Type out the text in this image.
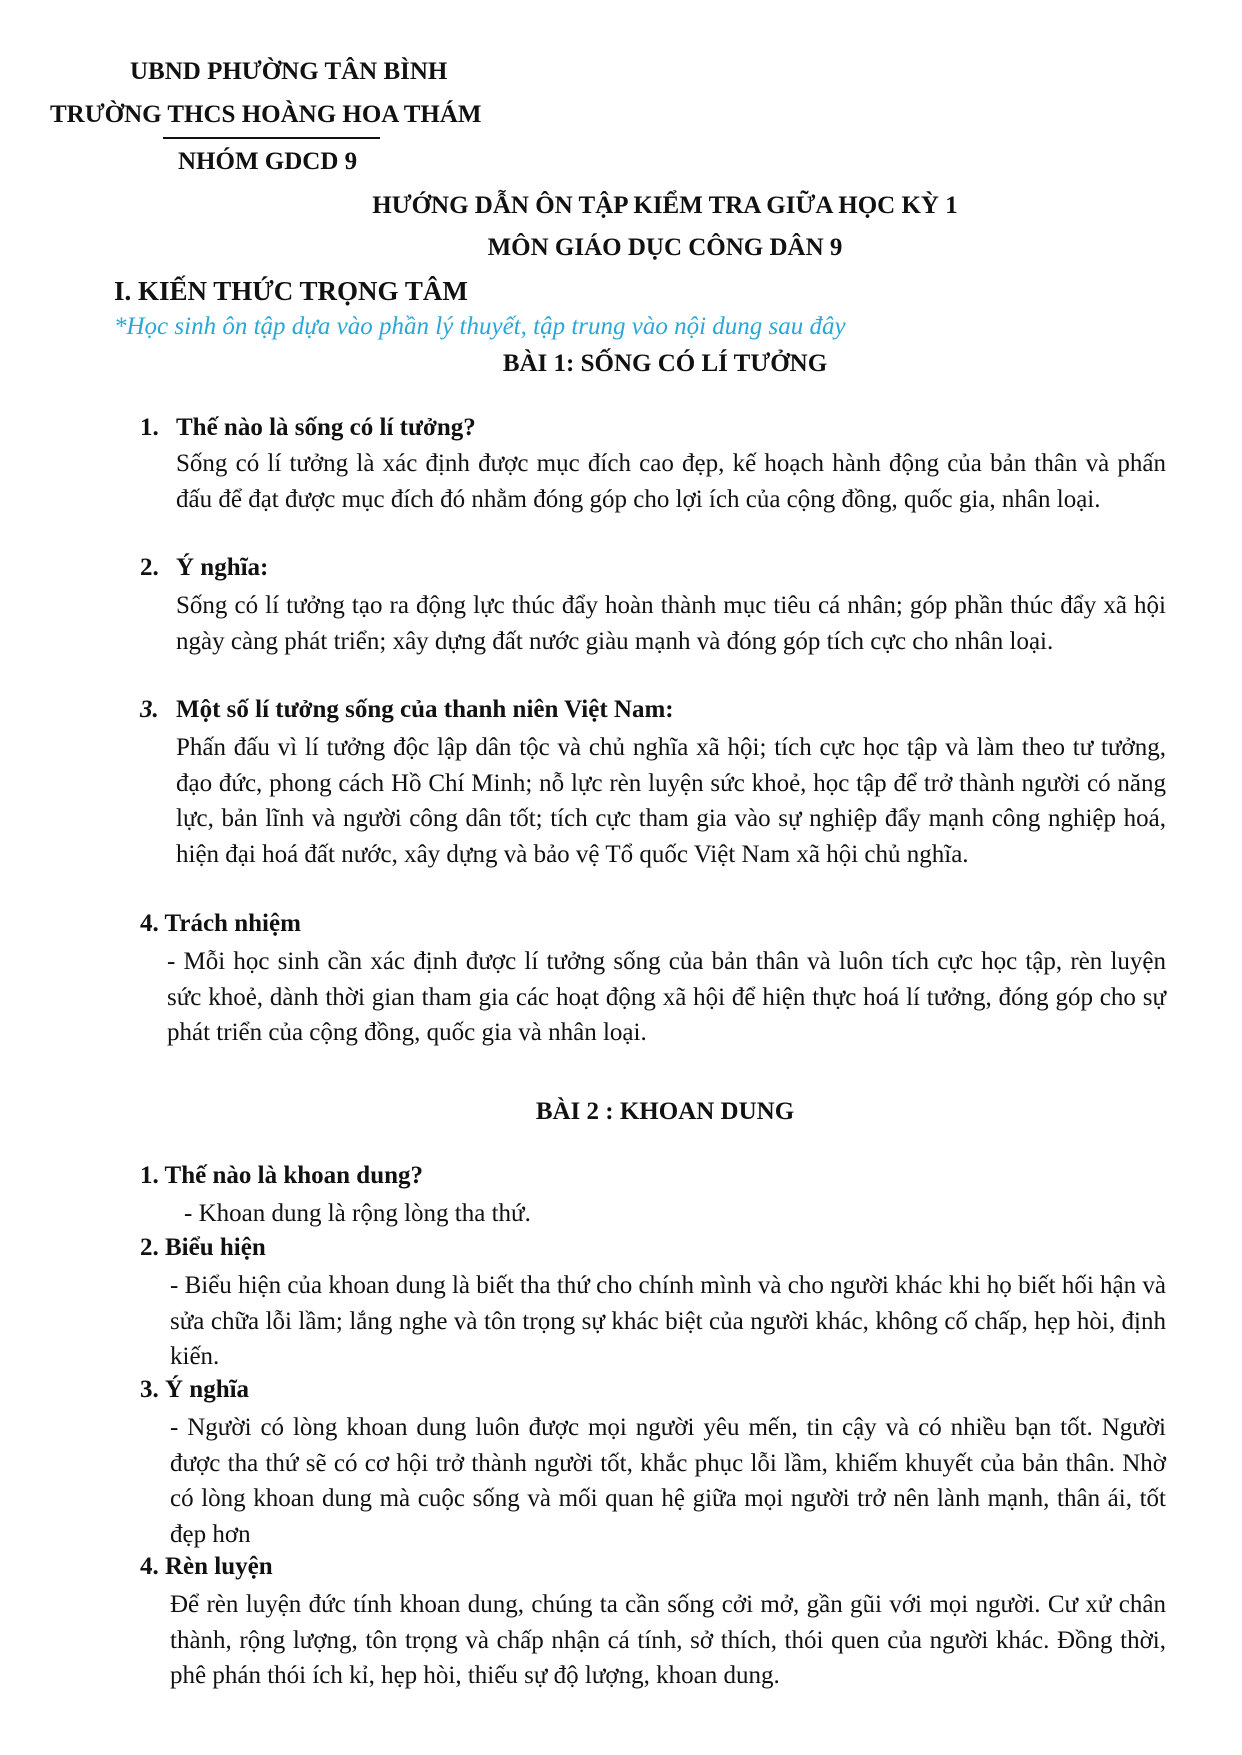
UBND PHƯỜNG TÂN BÌNH
TRƯỜNG THCS HOÀNG HOA THÁM
NHÓM GDCD 9
HƯỚNG DẪN ÔN TẬP KIỂM TRA GIỮA HỌC KỲ 1
MÔN GIÁO DỤC CÔNG DÂN 9
I. KIẾN THỨC TRỌNG TÂM
*Học sinh ôn tập dựa vào phần lý thuyết, tập trung vào nội dung sau đây
BÀI 1: SỐNG CÓ LÍ TƯỞNG
1. Thế nào là sống có lí tưởng?
Sống có lí tưởng là xác định được mục đích cao đẹp, kế hoạch hành động của bản thân và phấn đấu để đạt được mục đích đó nhằm đóng góp cho lợi ích của cộng đồng, quốc gia, nhân loại.
2. Ý nghĩa:
Sống có lí tưởng tạo ra động lực thúc đẩy hoàn thành mục tiêu cá nhân; góp phần thúc đẩy xã hội ngày càng phát triển; xây dựng đất nước giàu mạnh và đóng góp tích cực cho nhân loại.
3. Một số lí tưởng sống của thanh niên Việt Nam:
Phấn đấu vì lí tưởng độc lập dân tộc và chủ nghĩa xã hội; tích cực học tập và làm theo tư tưởng, đạo đức, phong cách Hồ Chí Minh; nỗ lực rèn luyện sức khoẻ, học tập để trở thành người có năng lực, bản lĩnh và người công dân tốt; tích cực tham gia vào sự nghiệp đẩy mạnh công nghiệp hoá, hiện đại hoá đất nước, xây dựng và bảo vệ Tổ quốc Việt Nam xã hội chủ nghĩa.
4. Trách nhiệm
- Mỗi học sinh cần xác định được lí tưởng sống của bản thân và luôn tích cực học tập, rèn luyện sức khoẻ, dành thời gian tham gia các hoạt động xã hội để hiện thực hoá lí tưởng, đóng góp cho sự phát triển của cộng đồng, quốc gia và nhân loại.
BÀI 2 : KHOAN DUNG
1. Thế nào là khoan dung?
- Khoan dung là rộng lòng tha thứ.
2. Biểu hiện
- Biểu hiện của khoan dung là biết tha thứ cho chính mình và cho người khác khi họ biết hối hận và sửa chữa lỗi lầm; lắng nghe và tôn trọng sự khác biệt của người khác, không cố chấp, hẹp hòi, định kiến.
3. Ý nghĩa
- Người có lòng khoan dung luôn được mọi người yêu mến, tin cậy và có nhiều bạn tốt. Người được tha thứ sẽ có cơ hội trở thành người tốt, khắc phục lỗi lầm, khiếm khuyết của bản thân. Nhờ có lòng khoan dung mà cuộc sống và mối quan hệ giữa mọi người trở nên lành mạnh, thân ái, tốt đẹp hơn
4. Rèn luyện
Để rèn luyện đức tính khoan dung, chúng ta cần sống cởi mở, gần gũi với mọi người. Cư xử chân thành, rộng lượng, tôn trọng và chấp nhận cá tính, sở thích, thói quen của người khác. Đồng thời, phê phán thói ích kỉ, hẹp hòi, thiếu sự độ lượng, khoan dung.
